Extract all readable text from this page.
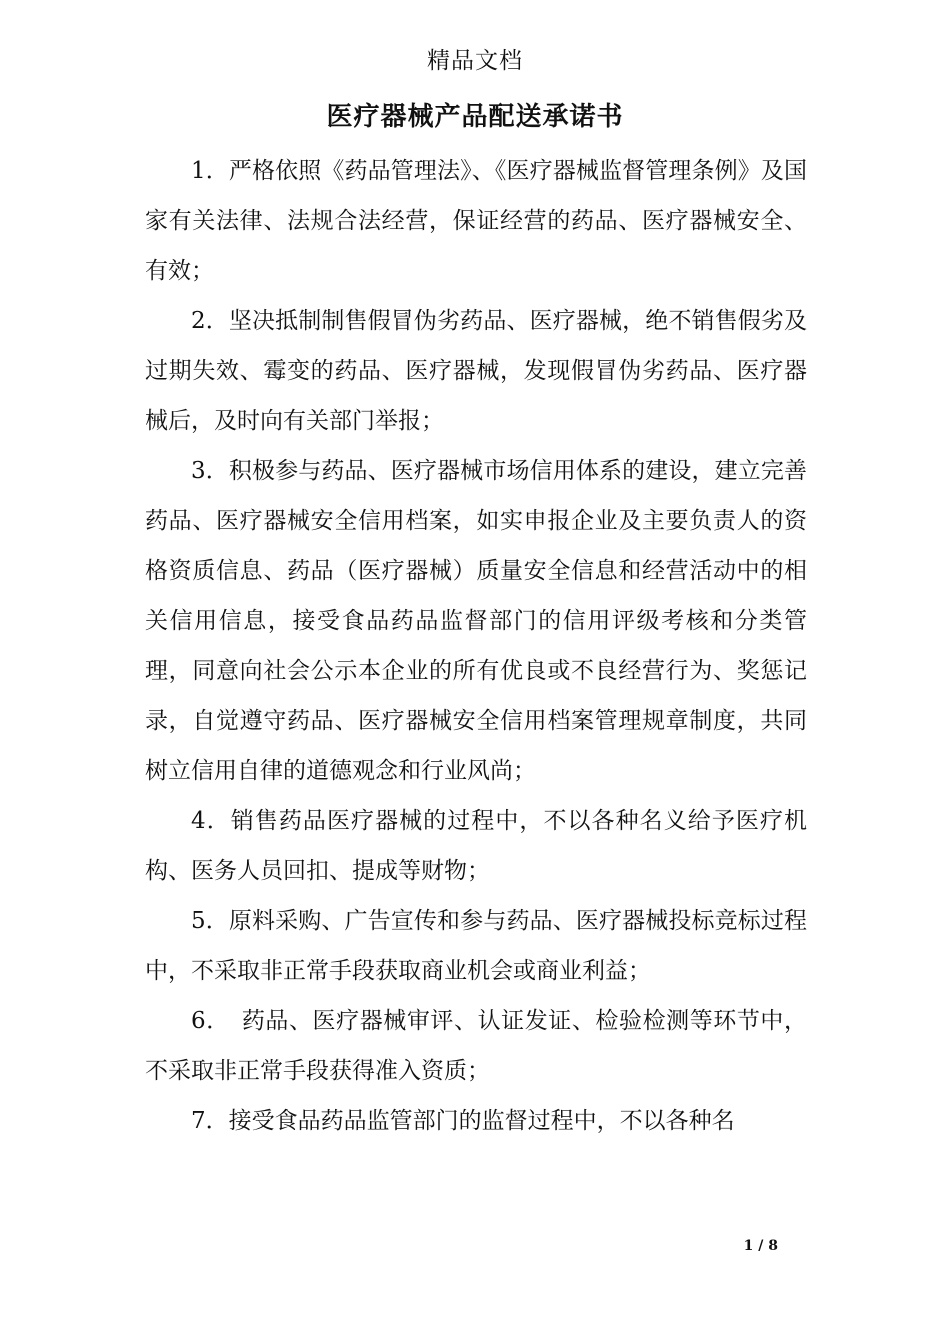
精品文档
医疗器械产品配送承诺书

1．严格依照《药品管理法》、《医疗器械监督管理条例》及国家有关法律、法规合法经营，保证经营的药品、医疗器械安全、有效；

2．坚决抵制制售假冒伪劣药品、医疗器械，绝不销售假劣及过期失效、霉变的药品、医疗器械，发现假冒伪劣药品、医疗器械后，及时向有关部门举报；

3．积极参与药品、医疗器械市场信用体系的建设，建立完善药品、医疗器械安全信用档案，如实申报企业及主要负责人的资格资质信息、药品（医疗器械）质量安全信息和经营活动中的相关信用信息，接受食品药品监督部门的信用评级考核和分类管理，同意向社会公示本企业的所有优良或不良经营行为、奖惩记录，自觉遵守药品、医疗器械安全信用档案管理规章制度，共同树立信用自律的道德观念和行业风尚；

4．销售药品医疗器械的过程中，不以各种名义给予医疗机构、医务人员回扣、提成等财物；

5．原料采购、广告宣传和参与药品、医疗器械投标竞标过程中，不采取非正常手段获取商业机会或商业利益；

6．　药品、医疗器械审评、认证发证、检验检测等环节中，不采取非正常手段获得准入资质；

7．接受食品药品监管部门的监督过程中，不以各种名

1 / 8
